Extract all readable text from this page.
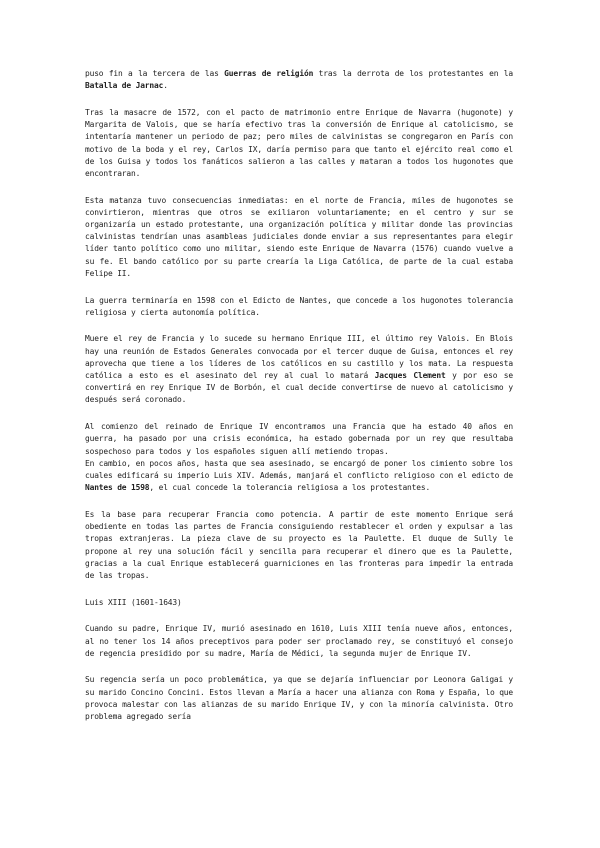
puso fin a la tercera de las Guerras de religión tras la derrota de los protestantes en la Batalla de Jarnac.
Tras la masacre de 1572, con el pacto de matrimonio entre Enrique de Navarra (hugonote) y Margarita de Valois, que se haría efectivo tras la conversión de Enrique al catolicismo, se intentaría mantener un periodo de paz; pero miles de calvinistas se congregaron en París con motivo de la boda y el rey, Carlos IX, daría permiso para que tanto el ejército real como el de los Guisa y todos los fanáticos salieron a las calles y mataran a todos los hugonotes que encontraran.
Esta matanza tuvo consecuencias inmediatas: en el norte de Francia, miles de hugonotes se convirtieron, mientras que otros se exiliaron voluntariamente; en el centro y sur se organizaría un estado protestante, una organización política y militar donde las provincias calvinistas tendrían unas asambleas judiciales donde enviar a sus representantes para elegir líder tanto político como uno militar, siendo este Enrique de Navarra (1576) cuando vuelve a su fe. El bando católico por su parte crearía la Liga Católica, de parte de la cual estaba Felipe II.
La guerra terminaría en 1598 con el Edicto de Nantes, que concede a los hugonotes tolerancia religiosa y cierta autonomía política.
Muere el rey de Francia y lo sucede su hermano Enrique III, el último rey Valois. En Blois hay una reunión de Estados Generales convocada por el tercer duque de Guisa, entonces el rey aprovecha que tiene a los líderes de los católicos en su castillo y los mata. La respuesta católica a esto es el asesinato del rey al cual lo matará Jacques Clement y por eso se convertirá en rey Enrique IV de Borbón, el cual decide convertirse de nuevo al catolicismo y después será coronado.
Al comienzo del reinado de Enrique IV encontramos una Francia que ha estado 40 años en guerra, ha pasado por una crisis económica, ha estado gobernada por un rey que resultaba sospechoso para todos y los españoles siguen allí metiendo tropas.
En cambio, en pocos años, hasta que sea asesinado, se encargó de poner los cimiento sobre los cuales edificará su imperio Luis XIV. Además, manjará el conflicto religioso con el edicto de Nantes de 1598, el cual concede la tolerancia religiosa a los protestantes.
Es la base para recuperar Francia como potencia. A partir de este momento Enrique será obediente en todas las partes de Francia consiguiendo restablecer el orden y expulsar a las tropas extranjeras. La pieza clave de su proyecto es la Paulette. El duque de Sully le propone al rey una solución fácil y sencilla para recuperar el dinero que es la Paulette, gracias a la cual Enrique establecerá guarniciones en las fronteras para impedir la entrada de las tropas.
Luis XIII (1601-1643)
Cuando su padre, Enrique IV, murió asesinado en 1610, Luis XIII tenía nueve años, entonces, al no tener los 14 años preceptivos para poder ser proclamado rey, se constituyó el consejo de regencia presidido por su madre, María de Médici, la segunda mujer de Enrique IV.
Su regencia sería un poco problemática, ya que se dejaría influenciar por Leonora Galigai y su marido Concino Concini. Estos llevan a María a hacer una alianza con Roma y España, lo que provoca malestar con las alianzas de su marido Enrique IV, y con la minoría calvinista. Otro problema agregado sería
